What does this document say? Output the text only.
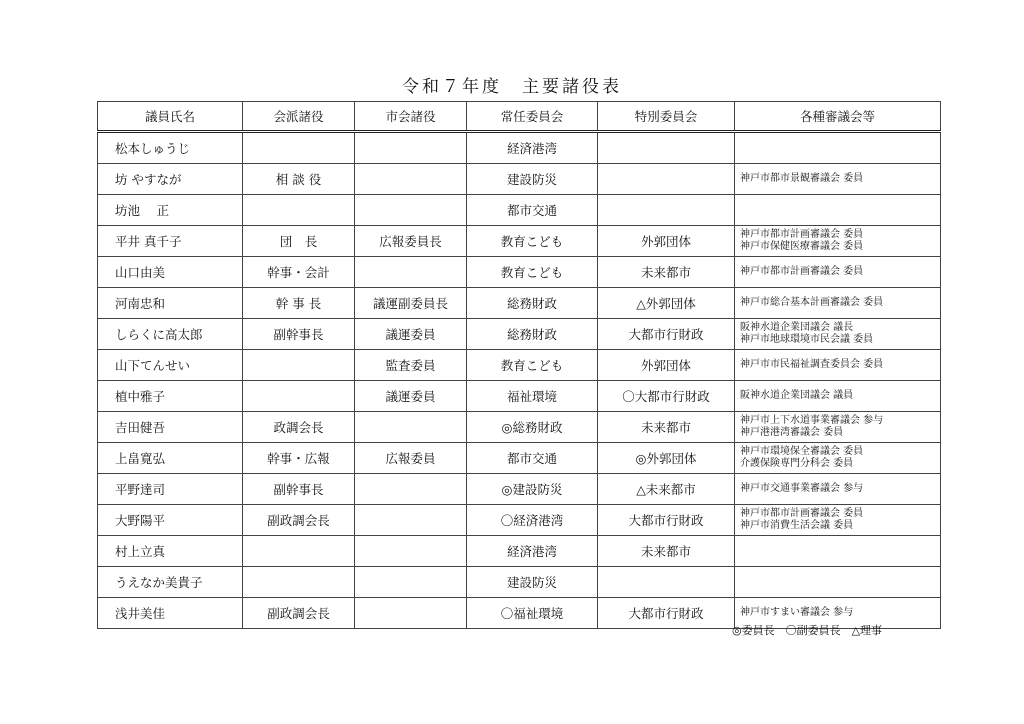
令和７年度　主要諸役表
議員氏名	会派諸役	市会諸役	常任委員会	特別委員会	各種審議会等
松本しゅうじ			経済港湾		
坊 やすなが	相 談 役		建設防災		神戸市都市景観審議会 委員

坊池　 正			都市交通		
平井 真千子	団　長	広報委員長	教育こども	外郭団体	神戸市都市計画審議会 委員
神戸市保健医療審議会 委員

山口由美	幹事・会計		教育こども	未来都市	神戸市都市計画審議会 委員

河南忠和	幹 事 長	議運副委員長	総務財政	△外郭団体	神戸市総合基本計画審議会 委員

しらくに高太郎	副幹事長	議運委員	総務財政	大都市行財政	阪神水道企業団議会 議長
神戸市地球環境市民会議 委員

山下てんせい		監査委員	教育こども	外郭団体	神戸市市民福祉調査委員会 委員

植中雅子		議運委員	福祉環境	〇大都市行財政	阪神水道企業団議会 議員

吉田健吾	政調会長		◎総務財政	未来都市	神戸市上下水道事業審議会 参与
神戸港港湾審議会 委員

上畠寛弘	幹事・広報	広報委員	都市交通	◎外郭団体	神戸市環境保全審議会 委員
介護保険専門分科会 委員

平野達司	副幹事長		◎建設防災	△未来都市	神戸市交通事業審議会 参与

大野陽平	副政調会長		〇経済港湾	大都市行財政	神戸市都市計画審議会 委員
神戸市消費生活会議 委員

村上立真			経済港湾	未来都市	
うえなか美貴子			建設防災		
浅井美佳	副政調会長		〇福祉環境	大都市行財政	神戸市すまい審議会 参与
◎委員長　〇副委員長　△理事
